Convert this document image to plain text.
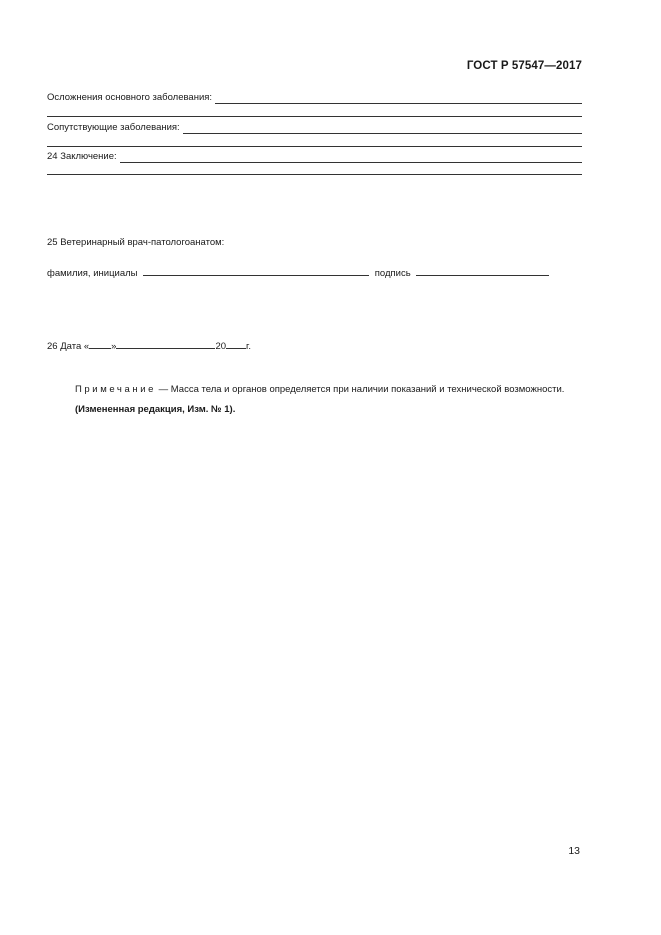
ГОСТ Р 57547—2017
Осложнения основного заболевания:
Сопутствующие заболевания:
24 Заключение:
25 Ветеринарный врач-патологоанатом:
фамилия, инициалы	подпись
26 Дата « »	20 г.
Примечание — Масса тела и органов определяется при наличии показаний и технической возможности.
(Измененная редакция, Изм. № 1).
13
